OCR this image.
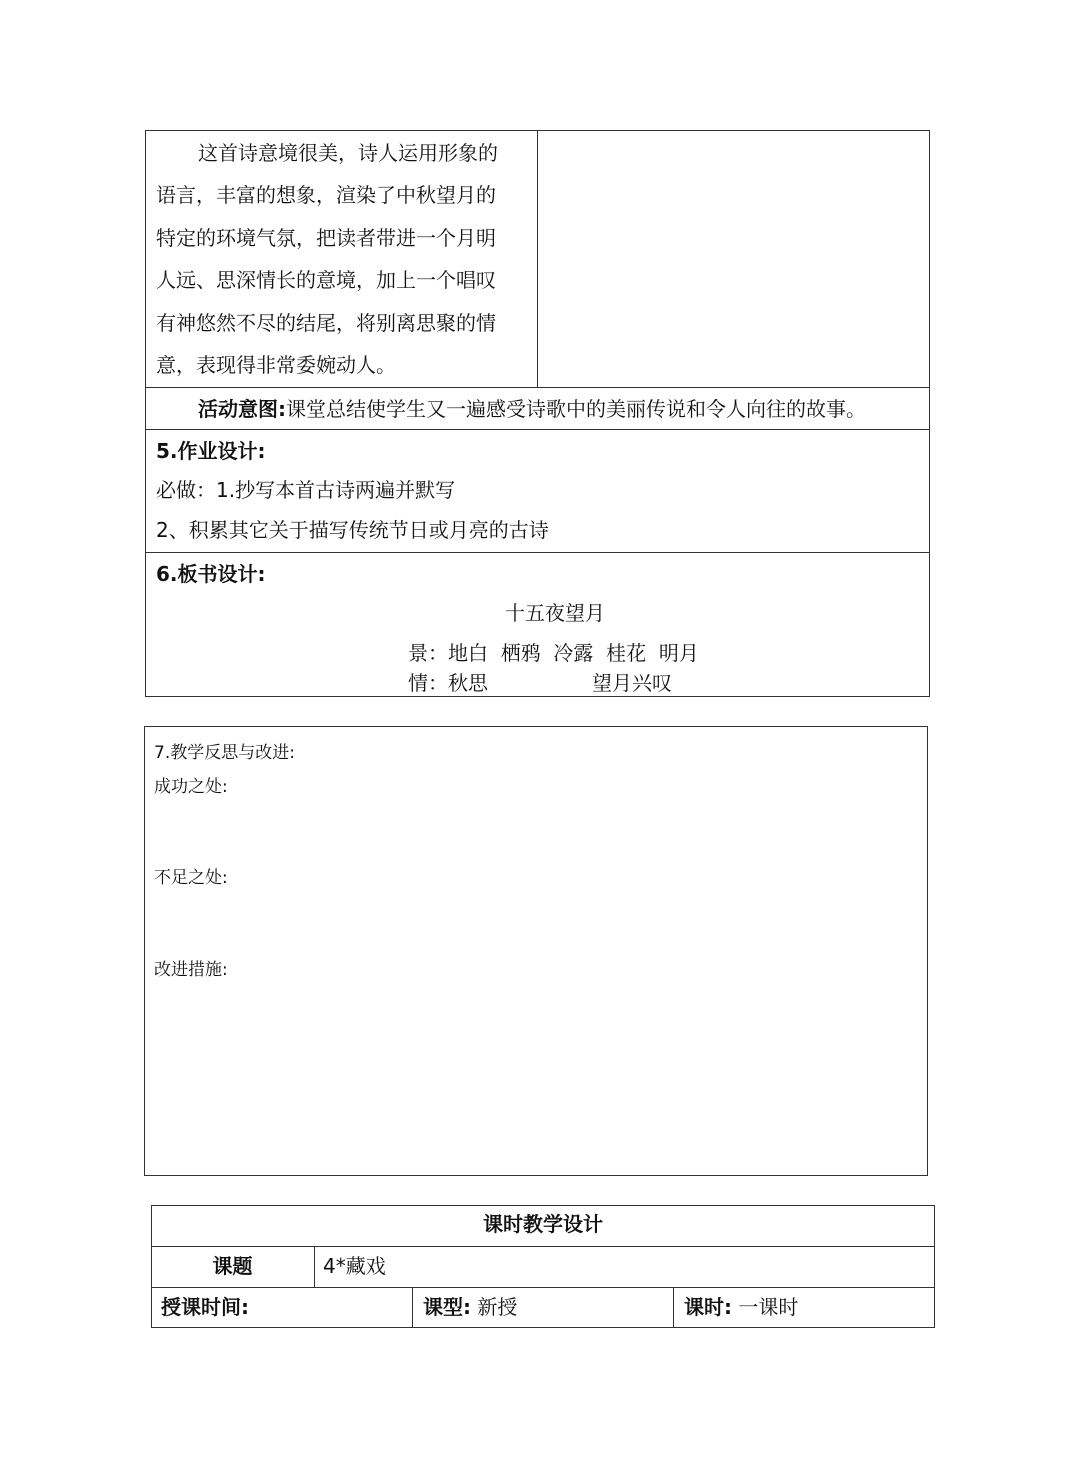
这首诗意境很美，诗人运用形象的
语言，丰富的想象，渲染了中秋望月的
特定的环境气氛，把读者带进一个月明
人远、思深情长的意境，加上一个唱叹
有神悠然不尽的结尾，将别离思聚的情
意，表现得非常委婉动人。
活动意图:课堂总结使学生又一遍感受诗歌中的美丽传说和令人向往的故事。
5.作业设计:
必做：1.抄写本首古诗两遍并默写
2、积累其它关于描写传统节日或月亮的古诗
6.板书设计:
十五夜望月
景：地白  栖鸦  冷露  桂花  明月
情：秋思	望月兴叹
7.教学反思与改进:
成功之处:
不足之处:
改进措施:
课时教学设计
课题	4*藏戏
授课时间:	课型: 新授	课时: 一课时
